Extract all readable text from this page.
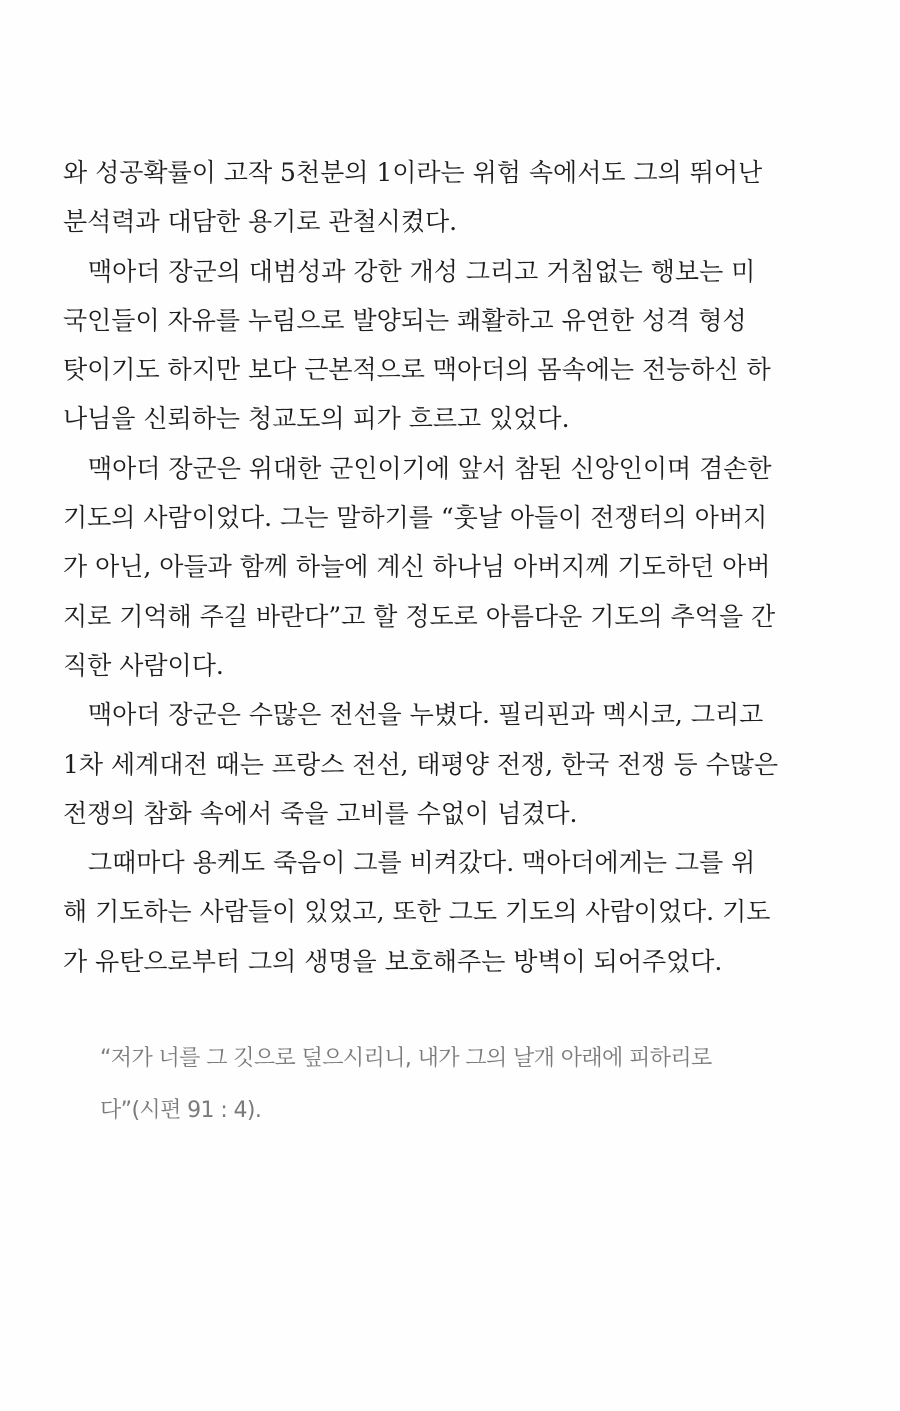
와 성공확률이 고작 5천분의 1이라는 위험 속에서도 그의 뛰어난
분석력과 대담한 용기로 관철시켰다.
맥아더 장군의 대범성과 강한 개성 그리고 거침없는 행보는 미
국인들이 자유를 누림으로 발양되는 쾌활하고 유연한 성격 형성
탓이기도 하지만 보다 근본적으로 맥아더의 몸속에는 전능하신 하
나님을 신뢰하는 청교도의 피가 흐르고 있었다.
맥아더 장군은 위대한 군인이기에 앞서 참된 신앙인이며 겸손한
기도의 사람이었다. 그는 말하기를 “훗날 아들이 전쟁터의 아버지
가 아닌, 아들과 함께 하늘에 계신 하나님 아버지께 기도하던 아버
지로 기억해 주길 바란다”고 할 정도로 아름다운 기도의 추억을 간
직한 사람이다.
맥아더 장군은 수많은 전선을 누볐다. 필리핀과 멕시코, 그리고
1차 세계대전 때는 프랑스 전선, 태평양 전쟁, 한국 전쟁 등 수많은
전쟁의 참화 속에서 죽을 고비를 수없이 넘겼다.
그때마다 용케도 죽음이 그를 비켜갔다. 맥아더에게는 그를 위
해 기도하는 사람들이 있었고, 또한 그도 기도의 사람이었다. 기도
가 유탄으로부터 그의 생명을 보호해주는 방벽이 되어주었다.
“저가 너를 그 깃으로 덮으시리니, 내가 그의 날개 아래에 피하리로
다”(시편 91 : 4).
